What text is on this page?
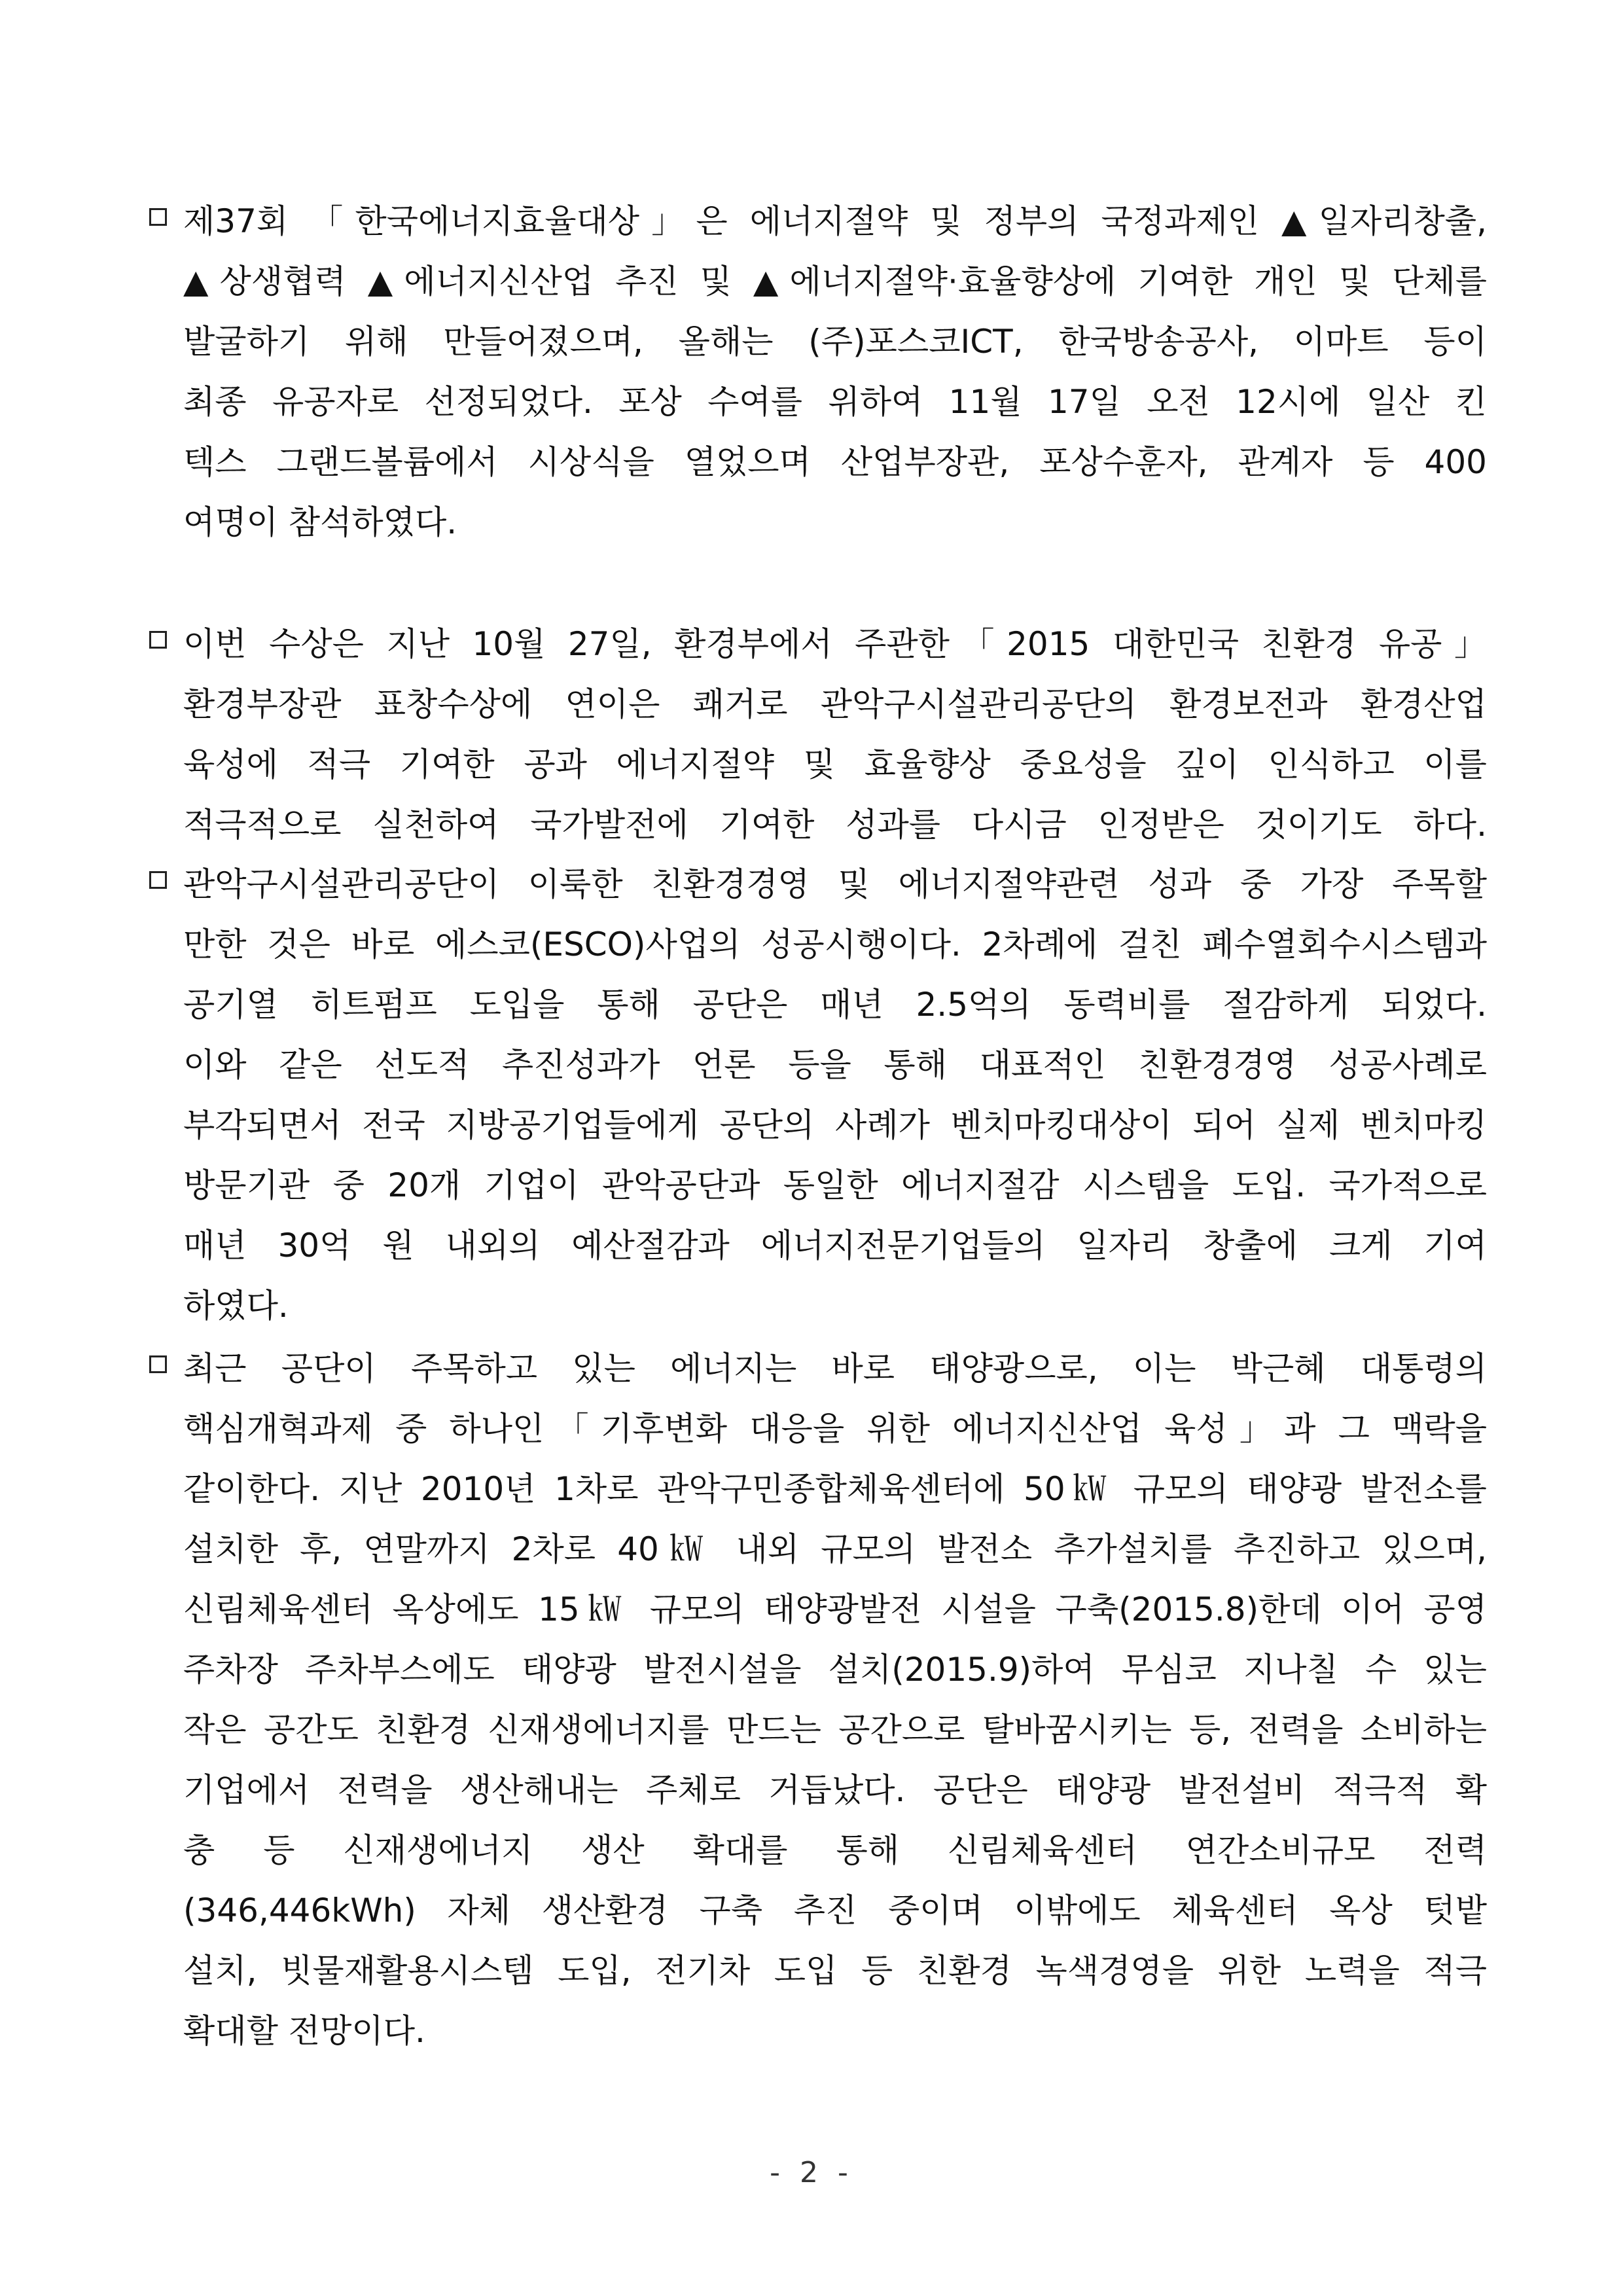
제37회 「한국에너지효율대상」은 에너지절약 및 정부의 국정과제인 ▲일자리창출,
▲상생협력 ▲에너지신산업 추진 및 ▲에너지절약·효율향상에 기여한 개인 및 단체를
발굴하기 위해 만들어졌으며, 올해는 (주)포스코ICT, 한국방송공사, 이마트 등이
최종 유공자로 선정되었다. 포상 수여를 위하여 11월 17일 오전 12시에 일산 킨
텍스 그랜드볼륨에서 시상식을 열었으며 산업부장관, 포상수훈자, 관계자 등 400
여명이 참석하였다.
이번 수상은 지난 10월 27일, 환경부에서 주관한「2015 대한민국 친환경 유공」
환경부장관 표창수상에 연이은 쾌거로 관악구시설관리공단의 환경보전과 환경산업
육성에 적극 기여한 공과 에너지절약 및 효율향상 중요성을 깊이 인식하고 이를
적극적으로 실천하여 국가발전에 기여한 성과를 다시금 인정받은 것이기도 하다.
관악구시설관리공단이 이룩한 친환경경영 및 에너지절약관련 성과 중 가장 주목할
만한 것은 바로 에스코(ESCO)사업의 성공시행이다. 2차례에 걸친 폐수열회수시스템과
공기열 히트펌프 도입을 통해 공단은 매년 2.5억의 동력비를 절감하게 되었다.
이와 같은 선도적 추진성과가 언론 등을 통해 대표적인 친환경경영 성공사례로
부각되면서 전국 지방공기업들에게 공단의 사례가 벤치마킹대상이 되어 실제 벤치마킹
방문기관 중 20개 기업이 관악공단과 동일한 에너지절감 시스템을 도입. 국가적으로
매년 30억 원 내외의 예산절감과 에너지전문기업들의 일자리 창출에 크게 기여
하였다.
최근 공단이 주목하고 있는 에너지는 바로 태양광으로, 이는 박근혜 대통령의
핵심개혁과제 중 하나인「기후변화 대응을 위한 에너지신산업 육성」과 그 맥락을
같이한다. 지난 2010년 1차로 관악구민종합체육센터에 50㎾ 규모의 태양광 발전소를
설치한 후, 연말까지 2차로 40㎾ 내외 규모의 발전소 추가설치를 추진하고 있으며,
신림체육센터 옥상에도 15㎾ 규모의 태양광발전 시설을 구축(2015.8)한데 이어 공영
주차장 주차부스에도 태양광 발전시설을 설치(2015.9)하여 무심코 지나칠 수 있는
작은 공간도 친환경 신재생에너지를 만드는 공간으로 탈바꿈시키는 등, 전력을 소비하는
기업에서 전력을 생산해내는 주체로 거듭났다. 공단은 태양광 발전설비 적극적 확
충 등 신재생에너지 생산 확대를 통해 신림체육센터 연간소비규모 전력
(346,446kWh) 자체 생산환경 구축 추진 중이며 이밖에도 체육센터 옥상 텃밭
설치, 빗물재활용시스템 도입, 전기차 도입 등 친환경 녹색경영을 위한 노력을 적극
확대할 전망이다.
- 2 -
